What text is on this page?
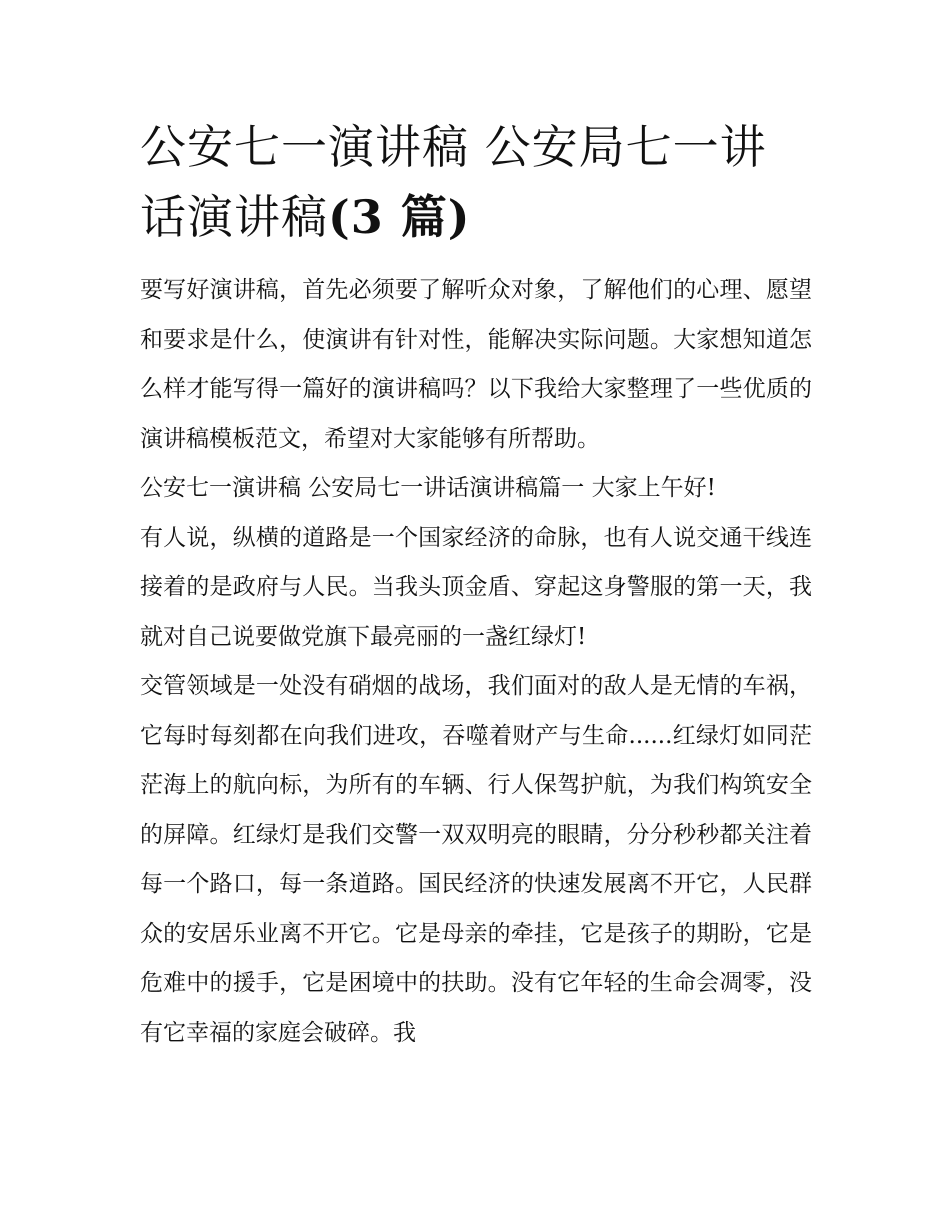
公安七一演讲稿 公安局七一讲
话演讲稿(3 篇)

要写好演讲稿，首先必须要了解听众对象，了解他们的心理、愿望和要求是什么，使演讲有针对性，能解决实际问题。大家想知道怎么样才能写得一篇好的演讲稿吗？以下我给大家整理了一些优质的演讲稿模板范文，希望对大家能够有所帮助。

公安七一演讲稿 公安局七一讲话演讲稿篇一 大家上午好!

有人说，纵横的道路是一个国家经济的命脉，也有人说交通干线连接着的是政府与人民。当我头顶金盾、穿起这身警服的第一天，我就对自己说要做党旗下最亮丽的一盏红绿灯!

交管领域是一处没有硝烟的战场，我们面对的敌人是无情的车祸，它每时每刻都在向我们进攻，吞噬着财产与生命......红绿灯如同茫茫海上的航向标，为所有的车辆、行人保驾护航，为我们构筑安全的屏障。红绿灯是我们交警一双双明亮的眼睛，分分秒秒都关注着每一个路口，每一条道路。国民经济的快速发展离不开它，人民群众的安居乐业离不开它。它是母亲的牵挂，它是孩子的期盼，它是危难中的援手，它是困境中的扶助。没有它年轻的生命会凋零，没有它幸福的家庭会破碎。我
